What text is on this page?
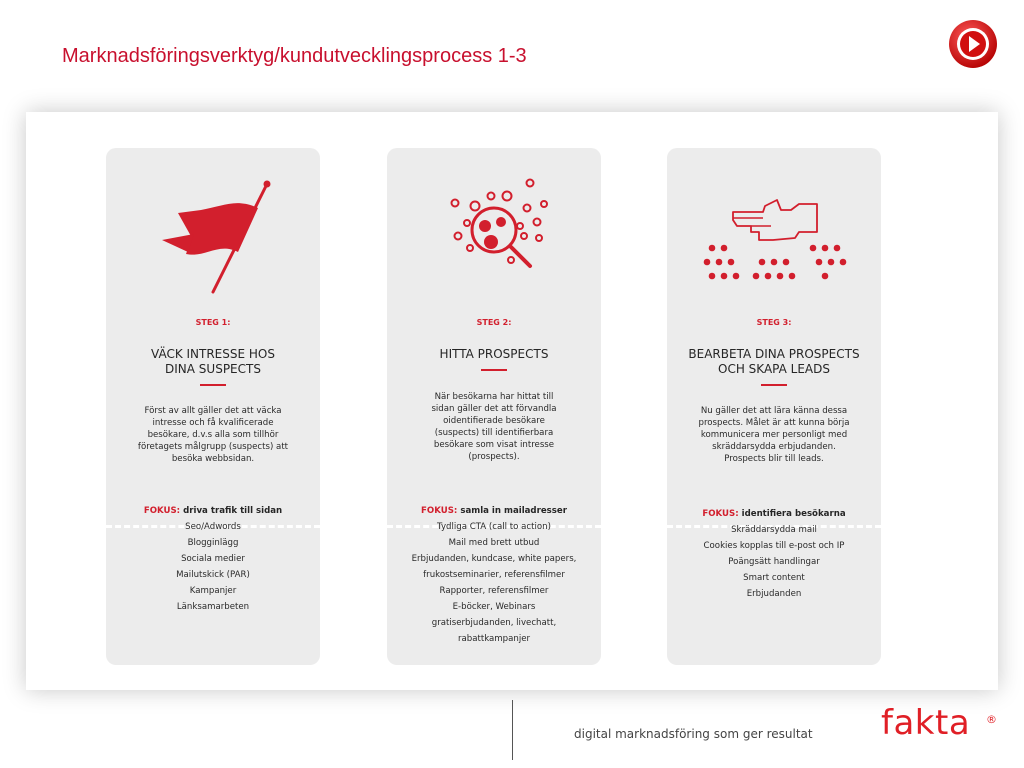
Marknadsföringsverktyg/kundutvecklingsprocess 1-3
STEG 1:
VÄCK INTRESSE HOS
DINA SUSPECTS
Först av allt gäller det att väcka
intresse och få kvalificerade
besökare, d.v.s alla som tillhör
företagets målgrupp (suspects) att
besöka webbsidan.
FOKUS: driva trafik till sidan
Seo/Adwords
Blogginlägg
Sociala medier
Mailutskick (PAR)
Kampanjer
Länksamarbeten
STEG 2:
HITTA PROSPECTS
När besökarna har hittat till
sidan gäller det att förvandla
oidentifierade besökare
(suspects) till identifierbara
besökare som visat intresse
(prospects).
FOKUS: samla in mailadresser
Tydliga CTA (call to action)
Mail med brett utbud
Erbjudanden, kundcase, white papers,
frukostseminarier, referensfilmer
Rapporter, referensfilmer
E-böcker, Webinars
gratiserbjudanden, livechatt,
rabattkampanjer
STEG 3:
BEARBETA DINA PROSPECTS
OCH SKAPA LEADS
Nu gäller det att lära känna dessa
prospects. Målet är att kunna börja
kommunicera mer personligt med
skräddarsydda erbjudanden.
Prospects blir till leads.
FOKUS: identifiera besökarna
Skräddarsydda mail
Cookies kopplas till e-post och IP
Poängsätt handlingar
Smart content
Erbjudanden
digital marknadsföring som ger resultat fakta ®
